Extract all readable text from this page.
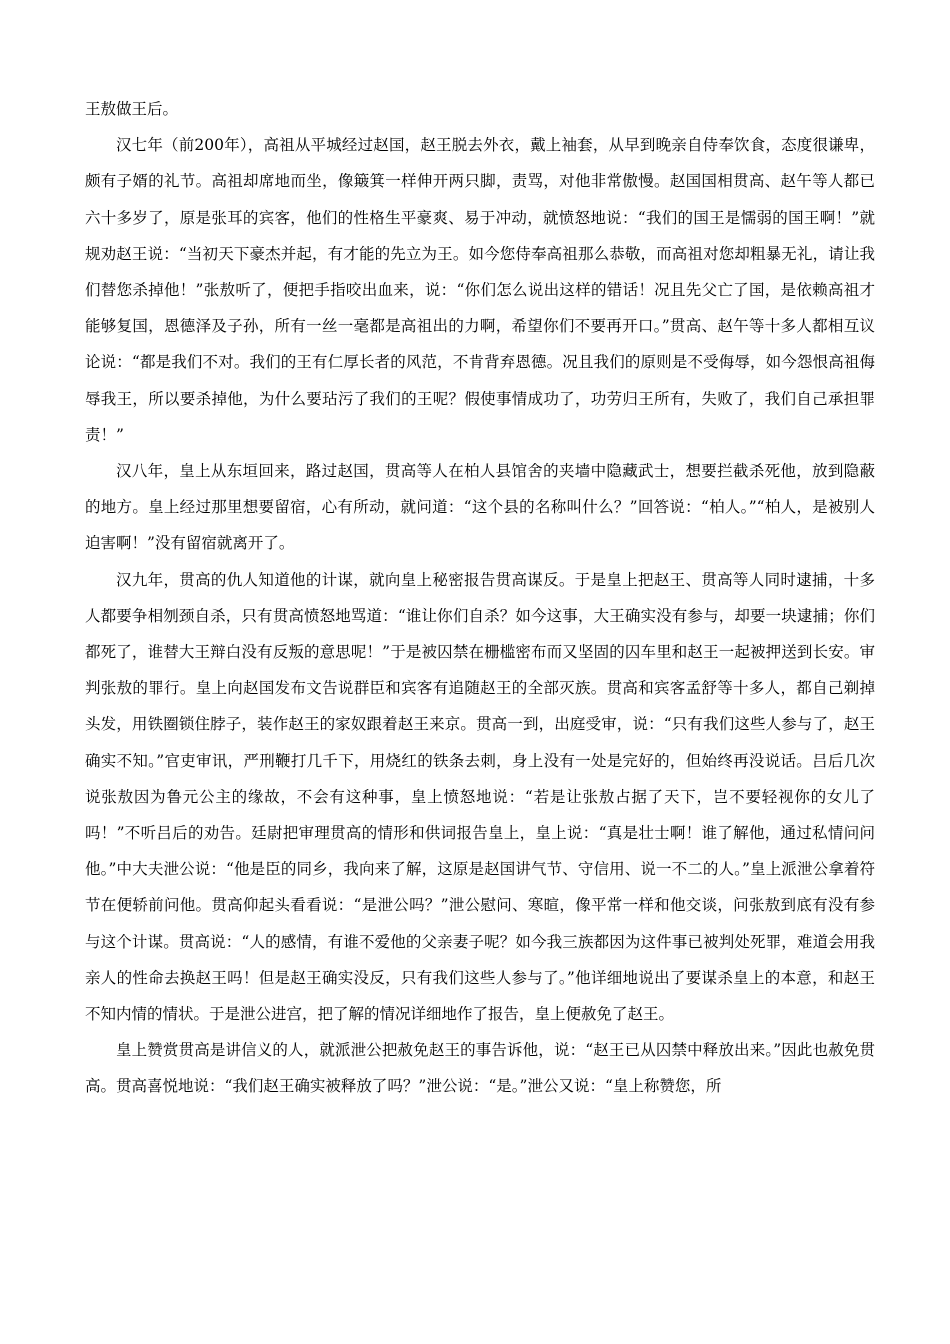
王敖做王后。

汉七年（前200年），高祖从平城经过赵国，赵王脱去外衣，戴上袖套，从早到晚亲自侍奉饮食，态度很谦卑，颇有子婿的礼节。高祖却席地而坐，像簸箕一样伸开两只脚，责骂，对他非常傲慢。赵国国相贯高、赵午等人都已六十多岁了，原是张耳的宾客，他们的性格生平豪爽、易于冲动，就愤怒地说：“我们的国王是懦弱的国王啊！”就规劝赵王说：“当初天下豪杰并起，有才能的先立为王。如今您侍奉高祖那么恭敬，而高祖对您却粗暴无礼，请让我们替您杀掉他！”张敖听了，便把手指咬出血来，说：“你们怎么说出这样的错话！况且先父亡了国，是依赖高祖才能够复国，恩德泽及子孙，所有一丝一毫都是高祖出的力啊，希望你们不要再开口。”贯高、赵午等十多人都相互议论说：“都是我们不对。我们的王有仁厚长者的风范，不肯背弃恩德。况且我们的原则是不受侮辱，如今怨恨高祖侮辱我王，所以要杀掉他，为什么要玷污了我们的王呢？假使事情成功了，功劳归王所有，失败了，我们自己承担罪责！”

汉八年，皇上从东垣回来，路过赵国，贯高等人在柏人县馆舍的夹墙中隐藏武士，想要拦截杀死他，放到隐蔽的地方。皇上经过那里想要留宿，心有所动，就问道：“这个县的名称叫什么？”回答说：“柏人。”“柏人，是被别人迫害啊！”没有留宿就离开了。

汉九年，贯高的仇人知道他的计谋，就向皇上秘密报告贯高谋反。于是皇上把赵王、贯高等人同时逮捕，十多人都要争相刎颈自杀，只有贯高愤怒地骂道：“谁让你们自杀？如今这事，大王确实没有参与，却要一块逮捕；你们都死了，谁替大王辩白没有反叛的意思呢！”于是被囚禁在栅槛密布而又坚固的囚车里和赵王一起被押送到长安。审判张敖的罪行。皇上向赵国发布文告说群臣和宾客有追随赵王的全部灭族。贯高和宾客孟舒等十多人，都自己剃掉头发，用铁圈锁住脖子，装作赵王的家奴跟着赵王来京。贯高一到，出庭受审，说：“只有我们这些人参与了，赵王确实不知。”官吏审讯，严刑鞭打几千下，用烧红的铁条去刺，身上没有一处是完好的，但始终再没说话。吕后几次说张敖因为鲁元公主的缘故，不会有这种事，皇上愤怒地说：“若是让张敖占据了天下，岂不要轻视你的女儿了吗！”不听吕后的劝告。廷尉把审理贯高的情形和供词报告皇上，皇上说：“真是壮士啊！谁了解他，通过私情问问他。”中大夫泄公说：“他是臣的同乡，我向来了解，这原是赵国讲气节、守信用、说一不二的人。”皇上派泄公拿着符节在便轿前问他。贯高仰起头看看说：“是泄公吗？”泄公慰问、寒暄，像平常一样和他交谈，问张敖到底有没有参与这个计谋。贯高说：“人的感情，有谁不爱他的父亲妻子呢？如今我三族都因为这件事已被判处死罪，难道会用我亲人的性命去换赵王吗！但是赵王确实没反，只有我们这些人参与了。”他详细地说出了要谋杀皇上的本意，和赵王不知内情的情状。于是泄公进宫，把了解的情况详细地作了报告，皇上便赦免了赵王。

皇上赞赏贯高是讲信义的人，就派泄公把赦免赵王的事告诉他，说：“赵王已从囚禁中释放出来。”因此也赦免贯高。贯高喜悦地说：“我们赵王确实被释放了吗？”泄公说：“是。”泄公又说：“皇上称赞您，所
